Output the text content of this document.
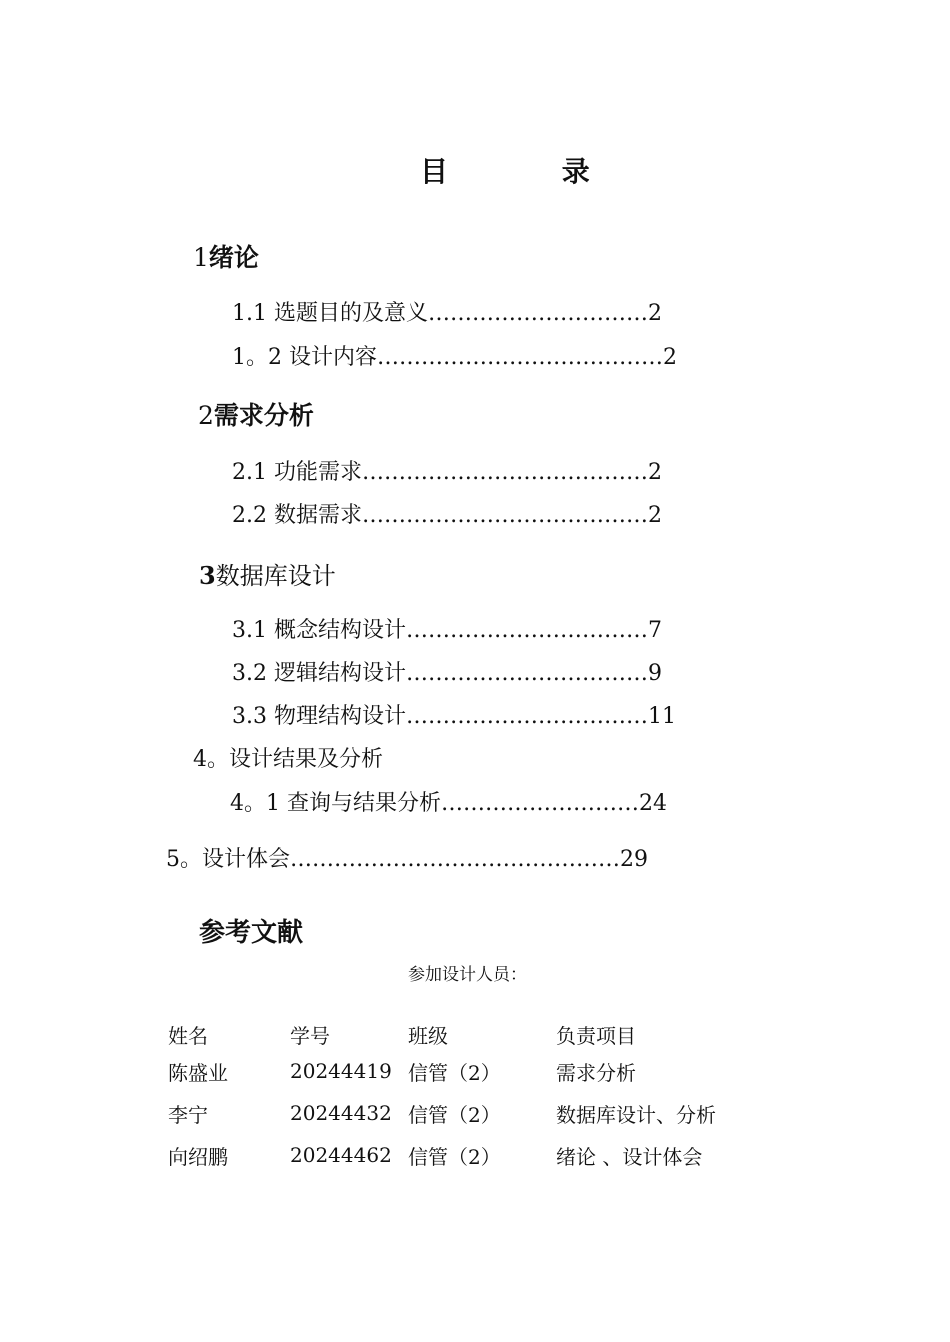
目 录
1绪论
1.1 选题目的及意义…………………………2
1。2 设计内容…………………………………2
2需求分析
2.1 功能需求…………………………………2
2.2 数据需求…………………………………2
3数据库设计
3.1 概念结构设计……………………………7
3.2 逻辑结构设计……………………………9
3.3 物理结构设计……………………………11
4。设计结果及分析
4。1 查询与结果分析………………………24
5。设计体会………………………………………29
参考文献
参加设计人员：
姓名	学号	班级	负责项目
陈盛业	20244419	信管（2）	需求分析
李宁	20244432	信管（2）	数据库设计、分析
向绍鹏	20244462	信管（2）	绪论 、设计体会
